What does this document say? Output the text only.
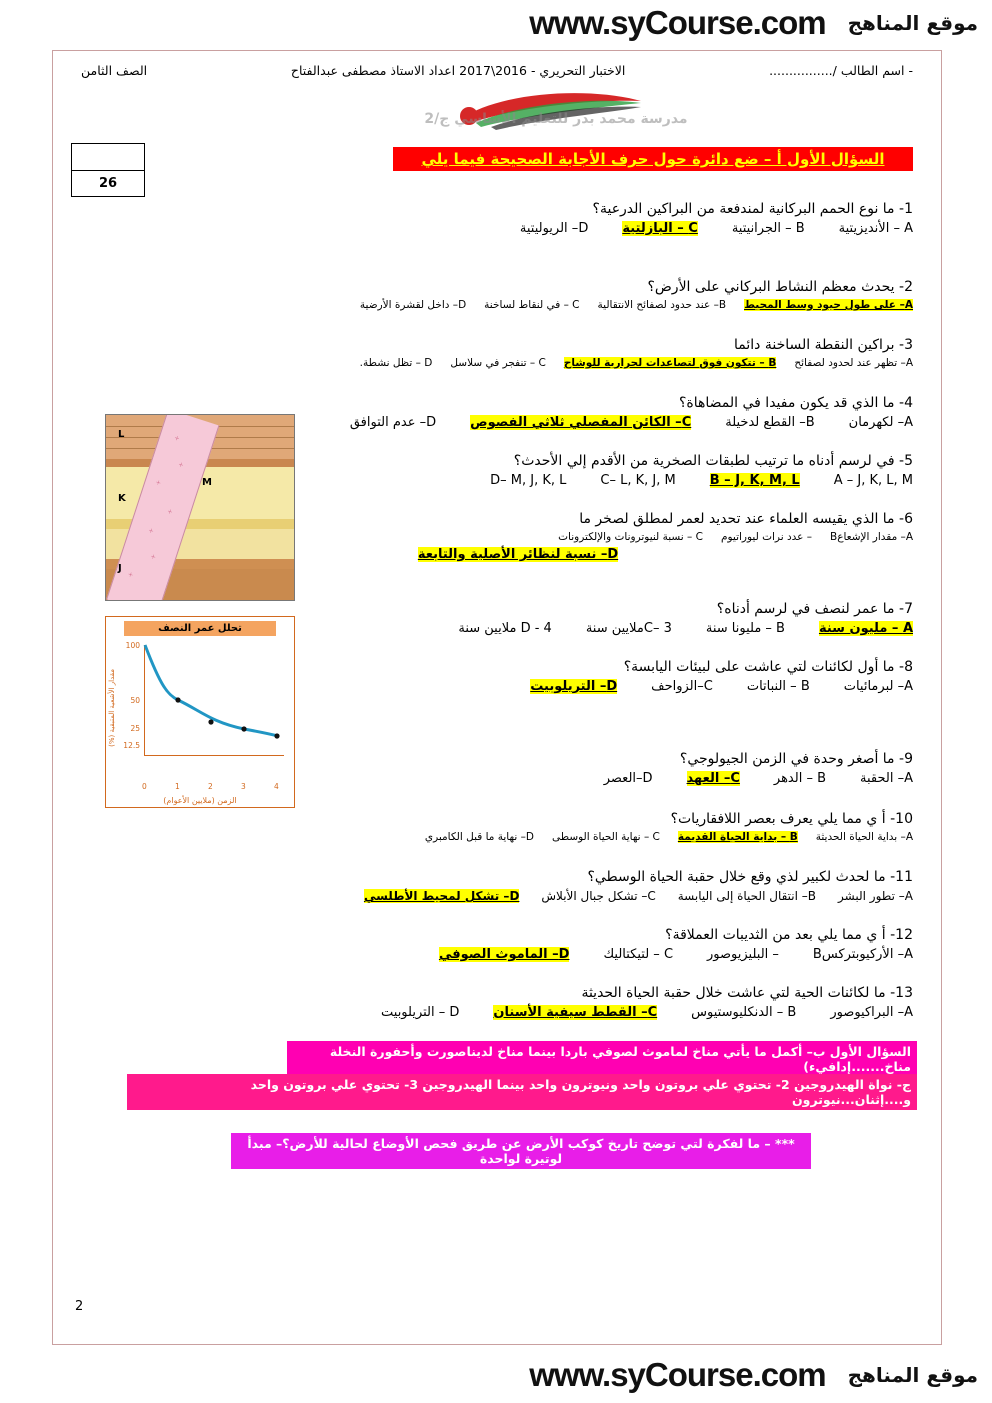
موقع المناهج
www.syCourse.com
- اسم الطالب /................
الاختبار التحريري - 2016\2017 اعداد الاستاذ مصطفى عبدالفتاح
الصف الثامن
مدرسة محمد بدر للتعليم الأساسي ج/2
26
السؤال الأول أ – ضع دائرة حول حرف الأجابة الصحيحة فيما يلي
1- ما نوع الحمم البركانية لمندفعة من البراكين الدرعية؟
A – الأنديزيتية
B – الجرانيتية
C – البازلتية
D– الريوليتية
2- يحدث معظم النشاط البركاني على الأرض؟
A– على طول حيود وسط المحيط
B– عند حدود لصفائح الانتقالية
C – في لنقاط لساخنة
D– داخل لقشرة الأرضية
3- براكين النقطة الساخنة دائما
A– تظهر عند لحدود لصفائح
B – تتكون فوق لتصاعدات لحرارية للوشاح
C – تنفجر في سلاسل
D – تظل نشطة.
4- ما الذي قد يكون مفيدا في المضاهاة؟
A– لكهرمان
B– القطع لدخيلة
C– الكائن المفصلي ثلاثي الفصوص
D– عدم التوافق
5- في لرسم أدناه ما ترتيب لطبقات الصخرية من الأقدم إلي الأحدث؟
A – J, K, L, M
B – J, K, M, L
C– L, K, J, M
D– M, J, K, L
6- ما الذي يقيسه العلماء عند تحديد لعمر لمطلق لصخر ما
A– مقدار الإشعاعB
– عدد نرات ليوراتيوم
C – نسبة لنيوترونات والإلكترونات
D– نسبة لنظائر الأصلية والتابعة
7- ما عمر لنصف في لرسم أدناه؟
A – مليون سنة
B – مليونا سنة
C– 3ملايين سنة
D - 4 ملايين سنة
8- ما أول لكائنات لتي عاشت على لبيئات اليابسة؟
A– لبرمائيات
B – النباتات
C–الزواحف
D– التريلوبيت
9- ما أصغر وحدة في الزمن الجيولوجي؟
A– الحقبة
B – الدهر
C– العهد
D–العصر
10- أ ي مما يلي يعرف بعصر اللافقاريات؟
A– بداية الحياة الحديثة
B – بداية الحياة القديمة
C – نهاية الحياة الوسطى
D– نهاية ما قبل الكامبري
11- ما لحدث لكبير لذي وقع خلال حقبة الحياة الوسطي؟
A– تطور البشر
B– انتقال الحياة إلى اليابسة
C– تشكل جبال الأبلاش
D– تشكل لمحيط الأطلسي
12- أ ي مما يلي بعد من الثديبات العملاقة؟
A– الأركيوبتركسB
– البليزيوصور
C – لتيكتاليك
D– الماموث الصوفي
13- ما لكائنات الحية لتي عاشت خلال حقبة الحياة الحديثة
A– البراكيوصور
B – الدنكليوستيوس
C– القطط سيفية الأسنان
D – التريلوبيت
+
+
+
+
+
+
+
L
K
M
J
تحلل عمر النصف
مقدار الأشعية المتبقية (%)
الزمن (ملايين الأعوام)
100
50
25
12.5
0	1	2	3	4
السؤال الأول ب– أكمل ما يأتي مناخ لماموث لصوفي باردا بينما مناخ لديناصورت وأحفورة النخلة مناخ.......إدافيء)
ج- نواة الهيدروجين 2- تحتوي علي بروتون واحد ونيوترون واحد بينما الهيدروجين 3- تحتوي علي بروتون واحد و....إثنان...نيوترون
*** – ما لفكرة لتي توضح تاريخ كوكب الأرض عن طريق فحص الأوضاع لحالية للأرض؟– مبدأ لوتيرة لواحدة
2
موقع المناهج
www.syCourse.com
